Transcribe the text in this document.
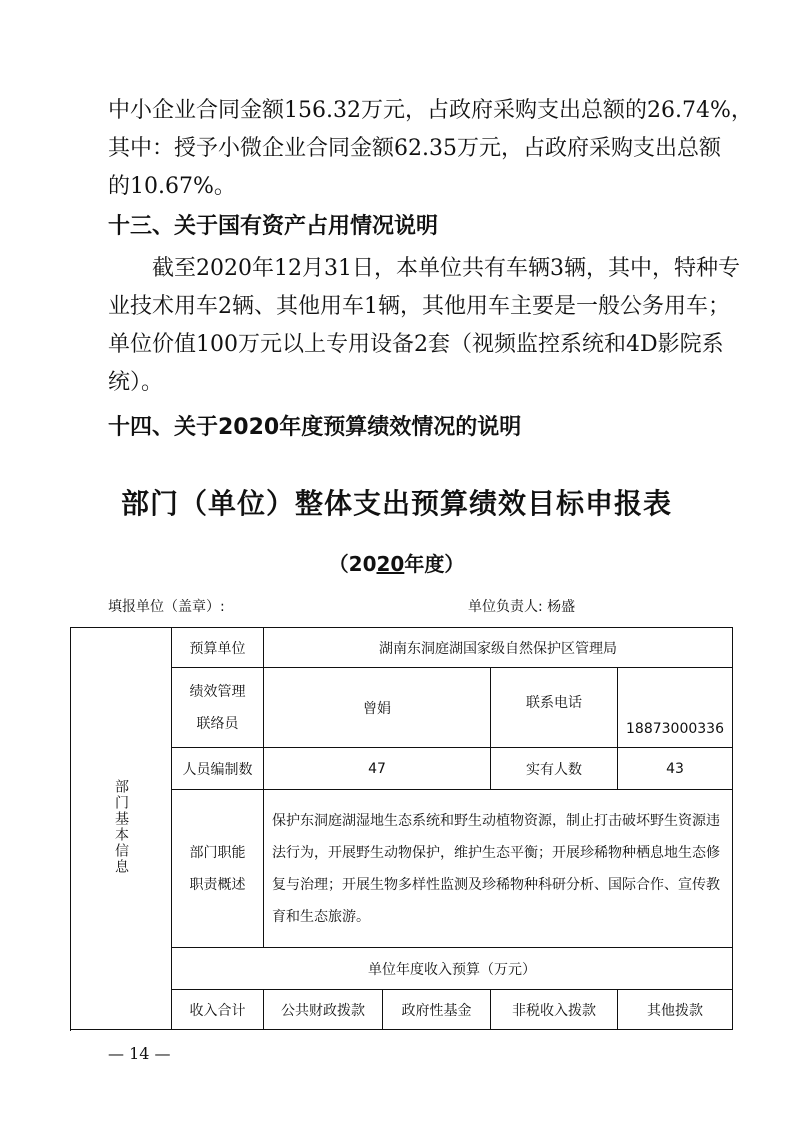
中小企业合同金额156.32万元，占政府采购支出总额的26.74%，
其中：授予小微企业合同金额62.35万元，占政府采购支出总额
的10.67%。
十三、关于国有资产占用情况说明
　　截至2020年12月31日，本单位共有车辆3辆，其中，特种专
业技术用车2辆、其他用车1辆，其他用车主要是一般公务用车；
单位价值100万元以上专用设备2套（视频监控系统和4D影院系
统）。
十四、关于2020年度预算绩效情况的说明
部门（单位）整体支出预算绩效目标申报表
（2020年度）
填报单位（盖章）:	单位负责人: 杨盛
部门基本信息	预算单位	湖南东洞庭湖国家级自然保护区管理局			

	绩效管理
联络员	曾娟		联系电话	18873000336
	人员编制数	47		实有人数	43

	部门职能
职责概述	保护东洞庭湖湿地生态系统和野生动植物资源，制止打击破坏野生资源违法行为，开展野生动物保护，维护生态平衡；开展珍稀物种栖息地生态修复与治理；开展生物多样性监测及珍稀物种科研分析、国际合作、宣传教育和生态旅游。			
	单位年度收入预算（万元）				
	收入合计	公共财政拨款	政府性基金	非税收入拨款	其他拨款

— 14 —
